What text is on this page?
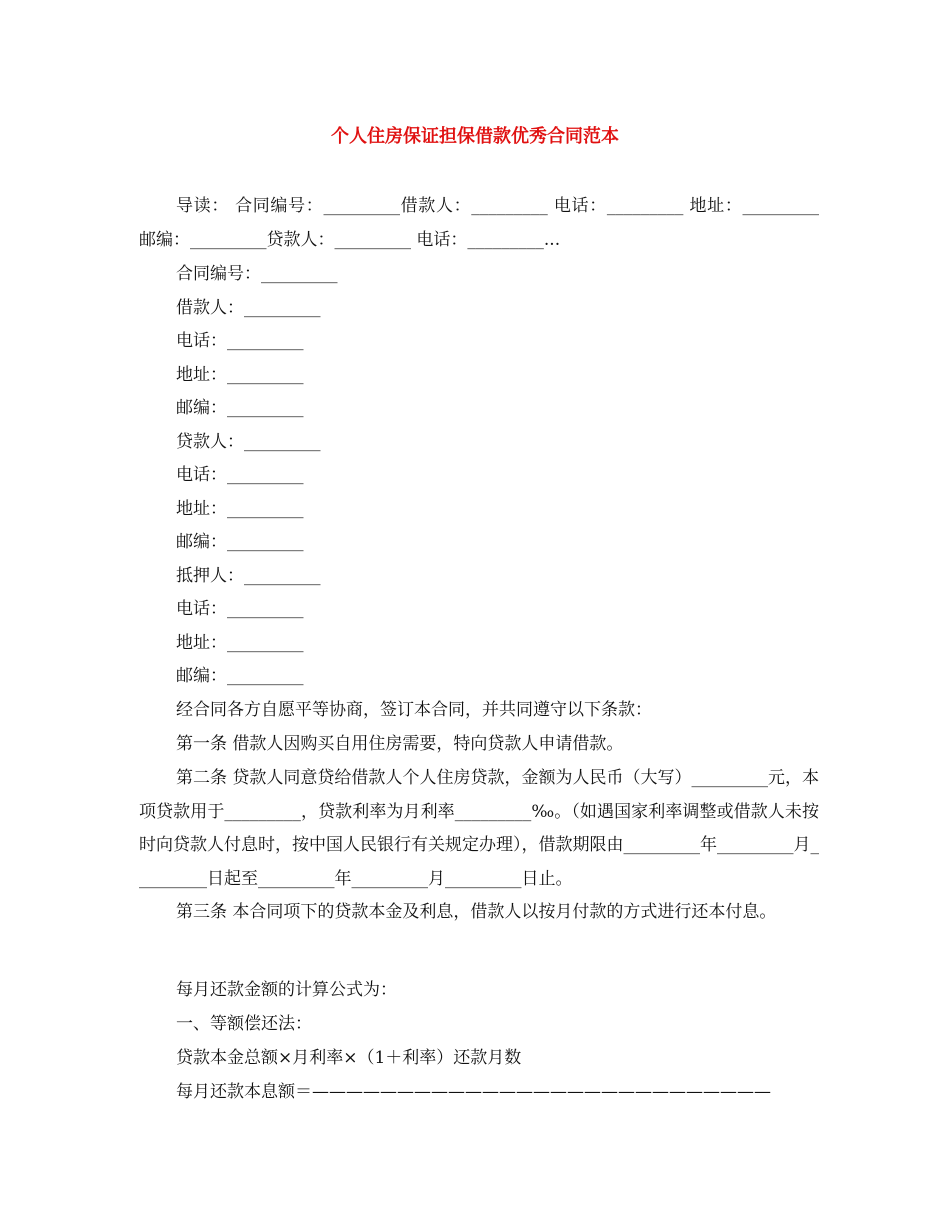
个人住房保证担保借款优秀合同范本
导读： 合同编号：_________借款人：_________ 电话：_________ 地址：_________ 邮编：_________贷款人：_________ 电话：_________...
合同编号：_________
借款人：_________
电话：_________
地址：_________
邮编：_________
贷款人：_________
电话：_________
地址：_________
邮编：_________
抵押人：_________
电话：_________
地址：_________
邮编：_________
经合同各方自愿平等协商，签订本合同，并共同遵守以下条款：
第一条 借款人因购买自用住房需要，特向贷款人申请借款。
第二条 贷款人同意贷给借款人个人住房贷款，金额为人民币（大写）_________元，本项贷款用于_________，贷款利率为月利率_________‰。（如遇国家利率调整或借款人未按时向贷款人付息时，按中国人民银行有关规定办理），借款期限由_________年_________月_________日起至_________年_________月_________日止。
第三条 本合同项下的贷款本金及利息，借款人以按月付款的方式进行还本付息。
每月还款金额的计算公式为：
一、等额偿还法：
贷款本金总额×月利率×（1＋利率）还款月数
每月还款本息额＝———————————————————————————
